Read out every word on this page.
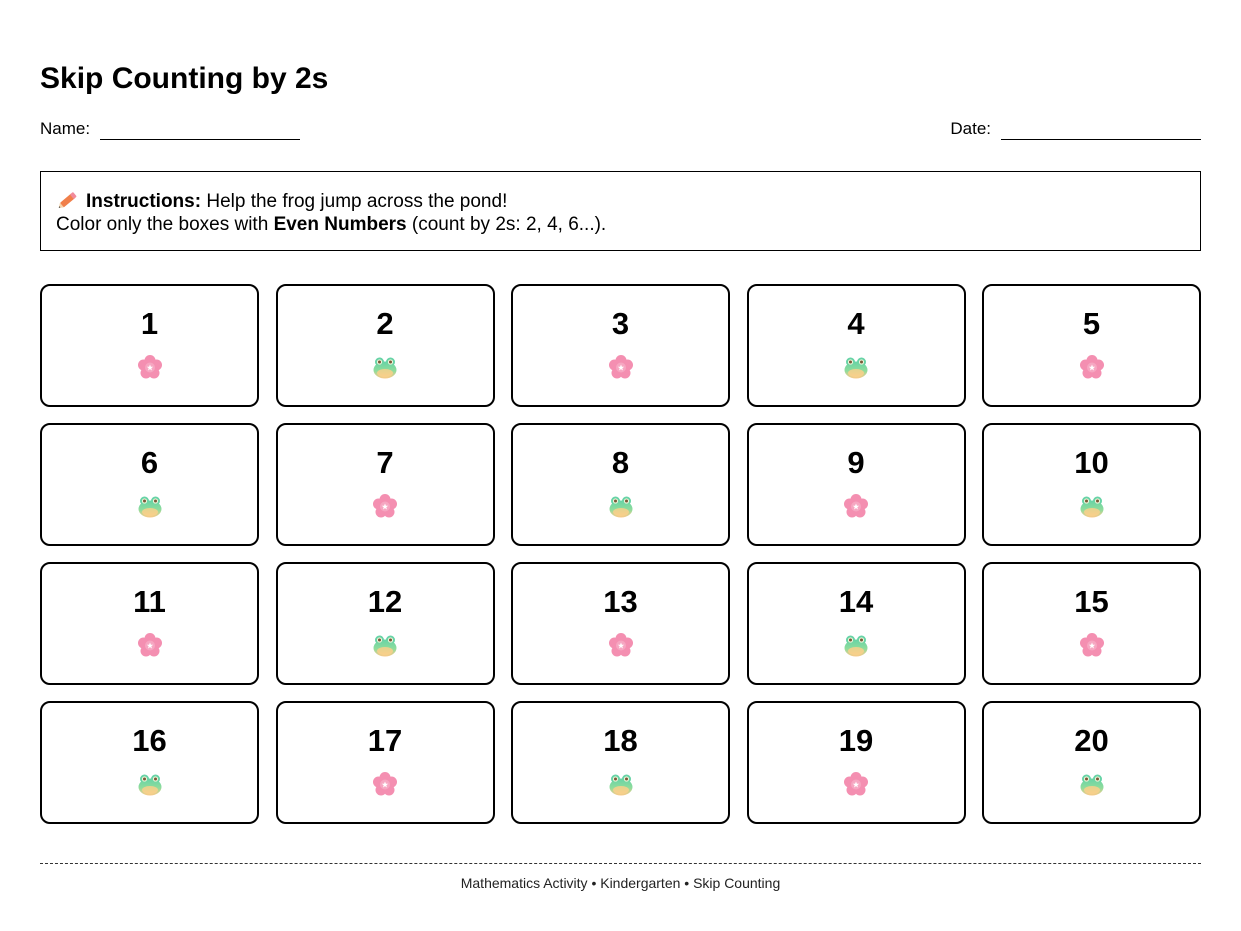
Skip Counting by 2s
Name:	Date:
Instructions: Help the frog jump across the pond!
Color only the boxes with Even Numbers (count by 2s: 2, 4, 6...).
1	2	3	4	5
6	7	8	9	10
11	12	13	14	15
16	17	18	19	20
Mathematics Activity • Kindergarten • Skip Counting
